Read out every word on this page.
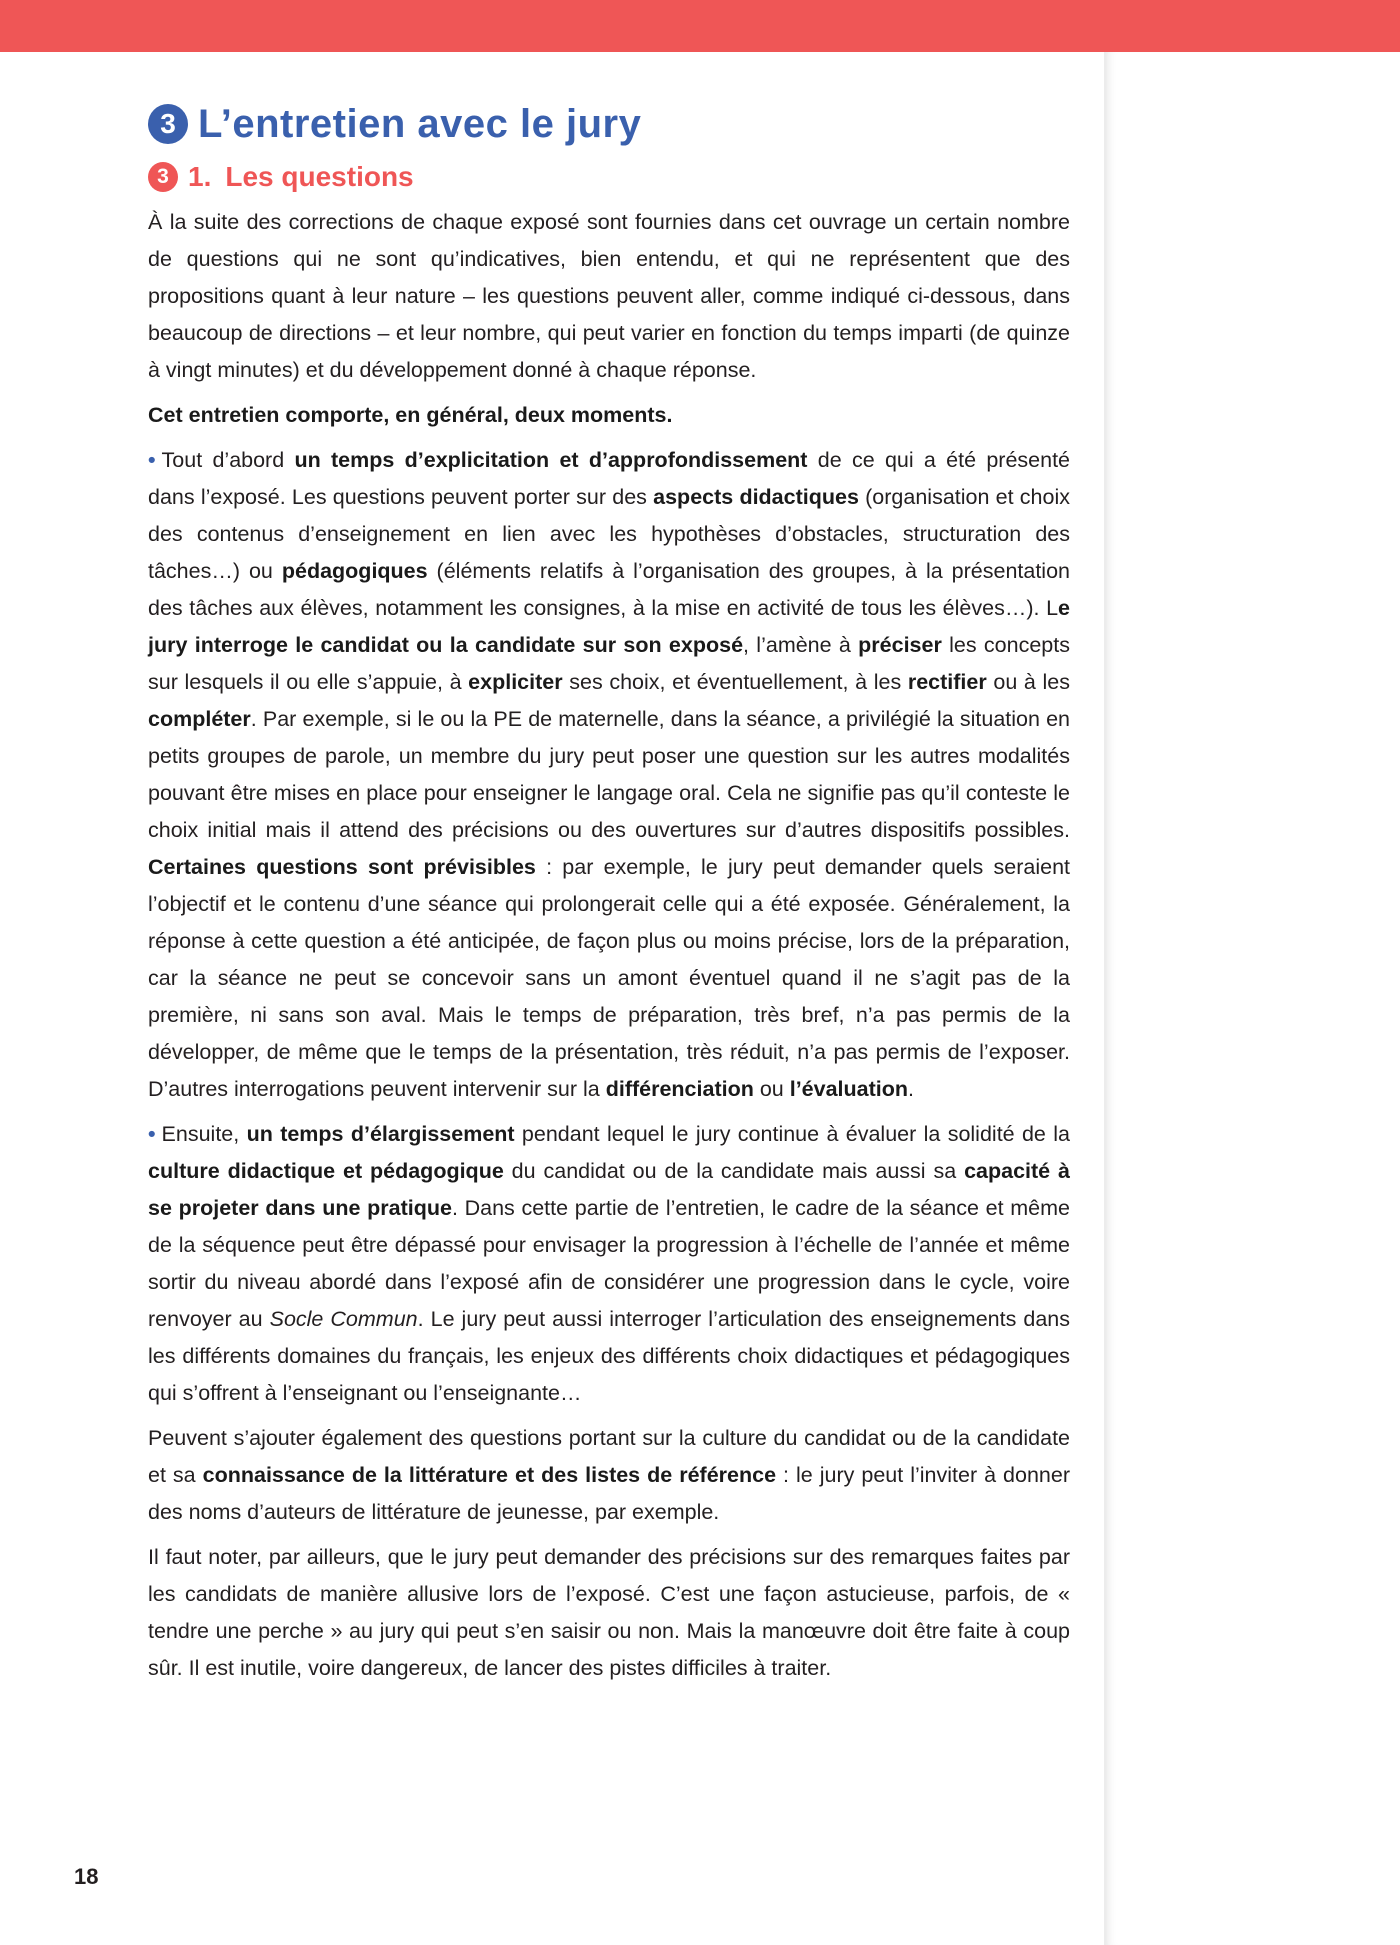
3 L’entretien avec le jury
3 1. Les questions

À la suite des corrections de chaque exposé sont fournies dans cet ouvrage un certain nombre de questions qui ne sont qu’indicatives, bien entendu, et qui ne représentent que des propositions quant à leur nature – les questions peuvent aller, comme indiqué ci-dessous, dans beaucoup de directions – et leur nombre, qui peut varier en fonction du temps imparti (de quinze à vingt minutes) et du développement donné à chaque réponse.

Cet entretien comporte, en général, deux moments.

• Tout d’abord un temps d’explicitation et d’approfondissement de ce qui a été présenté dans l’exposé. Les questions peuvent porter sur des aspects didactiques (organisation et choix des contenus d’enseignement en lien avec les hypothèses d’obstacles, structuration des tâches…) ou pédagogiques (éléments relatifs à l’organisation des groupes, à la présentation des tâches aux élèves, notamment les consignes, à la mise en activité de tous les élèves…). Le jury interroge le candidat ou la candidate sur son exposé, l’amène à préciser les concepts sur lesquels il ou elle s’appuie, à expliciter ses choix, et éventuellement, à les rectifier ou à les compléter. Par exemple, si le ou la PE de maternelle, dans la séance, a privilégié la situation en petits groupes de parole, un membre du jury peut poser une question sur les autres modalités pouvant être mises en place pour enseigner le langage oral. Cela ne signifie pas qu’il conteste le choix initial mais il attend des précisions ou des ouvertures sur d’autres dispositifs possibles. Certaines questions sont prévisibles : par exemple, le jury peut demander quels seraient l’objectif et le contenu d’une séance qui prolongerait celle qui a été exposée. Généralement, la réponse à cette question a été anticipée, de façon plus ou moins précise, lors de la préparation, car la séance ne peut se concevoir sans un amont éventuel quand il ne s’agit pas de la première, ni sans son aval. Mais le temps de préparation, très bref, n’a pas permis de la développer, de même que le temps de la présentation, très réduit, n’a pas permis de l’exposer. D’autres interrogations peuvent intervenir sur la différenciation ou l’évaluation.

• Ensuite, un temps d’élargissement pendant lequel le jury continue à évaluer la solidité de la culture didactique et pédagogique du candidat ou de la candidate mais aussi sa capacité à se projeter dans une pratique. Dans cette partie de l’entretien, le cadre de la séance et même de la séquence peut être dépassé pour envisager la progression à l’échelle de l’année et même sortir du niveau abordé dans l’exposé afin de considérer une progression dans le cycle, voire renvoyer au Socle Commun. Le jury peut aussi interroger l’articulation des enseignements dans les différents domaines du français, les enjeux des différents choix didactiques et pédagogiques qui s’offrent à l’enseignant ou l’enseignante…

Peuvent s’ajouter également des questions portant sur la culture du candidat ou de la candidate et sa connaissance de la littérature et des listes de référence : le jury peut l’inviter à donner des noms d’auteurs de littérature de jeunesse, par exemple.

Il faut noter, par ailleurs, que le jury peut demander des précisions sur des remarques faites par les candidats de manière allusive lors de l’exposé. C’est une façon astucieuse, parfois, de « tendre une perche » au jury qui peut s’en saisir ou non. Mais la manœuvre doit être faite à coup sûr. Il est inutile, voire dangereux, de lancer des pistes difficiles à traiter.

18
